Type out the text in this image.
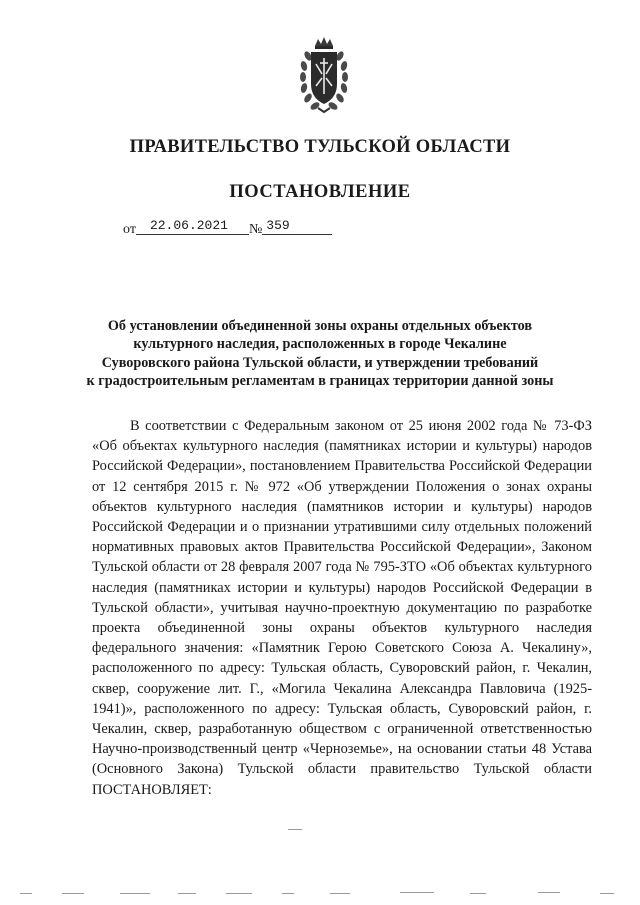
ПРАВИТЕЛЬСТВО ТУЛЬСКОЙ ОБЛАСТИ
ПОСТАНОВЛЕНИЕ
от 22.06.2021 № 359
Об установлении объединенной зоны охраны отдельных объектов
культурного наследия, расположенных в городе Чекалине
Суворовского района Тульской области, и утверждении требований
к градостроительным регламентам в границах территории данной зоны
В соответствии с Федеральным законом от 25 июня 2002 года № 73-ФЗ «Об объектах культурного наследия (памятниках истории и культуры) народов Российской Федерации», постановлением Правительства Российской Федерации от 12 сентября 2015 г. № 972 «Об утверждении Положения о зонах охраны объектов культурного наследия (памятников истории и культуры) народов Российской Федерации и о признании утратившими силу отдельных положений нормативных правовых актов Правительства Российской Федерации», Законом Тульской области от 28 февраля 2007 года № 795-ЗТО «Об объектах культурного наследия (памятниках истории и культуры) народов Российской Федерации в Тульской области», учитывая научно-проектную документацию по разработке проекта объединенной зоны охраны объектов культурного наследия федерального значения: «Памятник Герою Советского Союза А. Чекалину», расположенного по адресу: Тульская область, Суворовский район, г. Чекалин, сквер, сооружение лит. Г., «Могила Чекалина Александра Павловича (1925-1941)», расположенного по адресу: Тульская область, Суворовский район, г. Чекалин, сквер, разработанную обществом с ограниченной ответственностью Научно-производственный центр «Черноземье», на основании статьи 48 Устава (Основного Закона) Тульской области правительство Тульской области ПОСТАНОВЛЯЕТ:
